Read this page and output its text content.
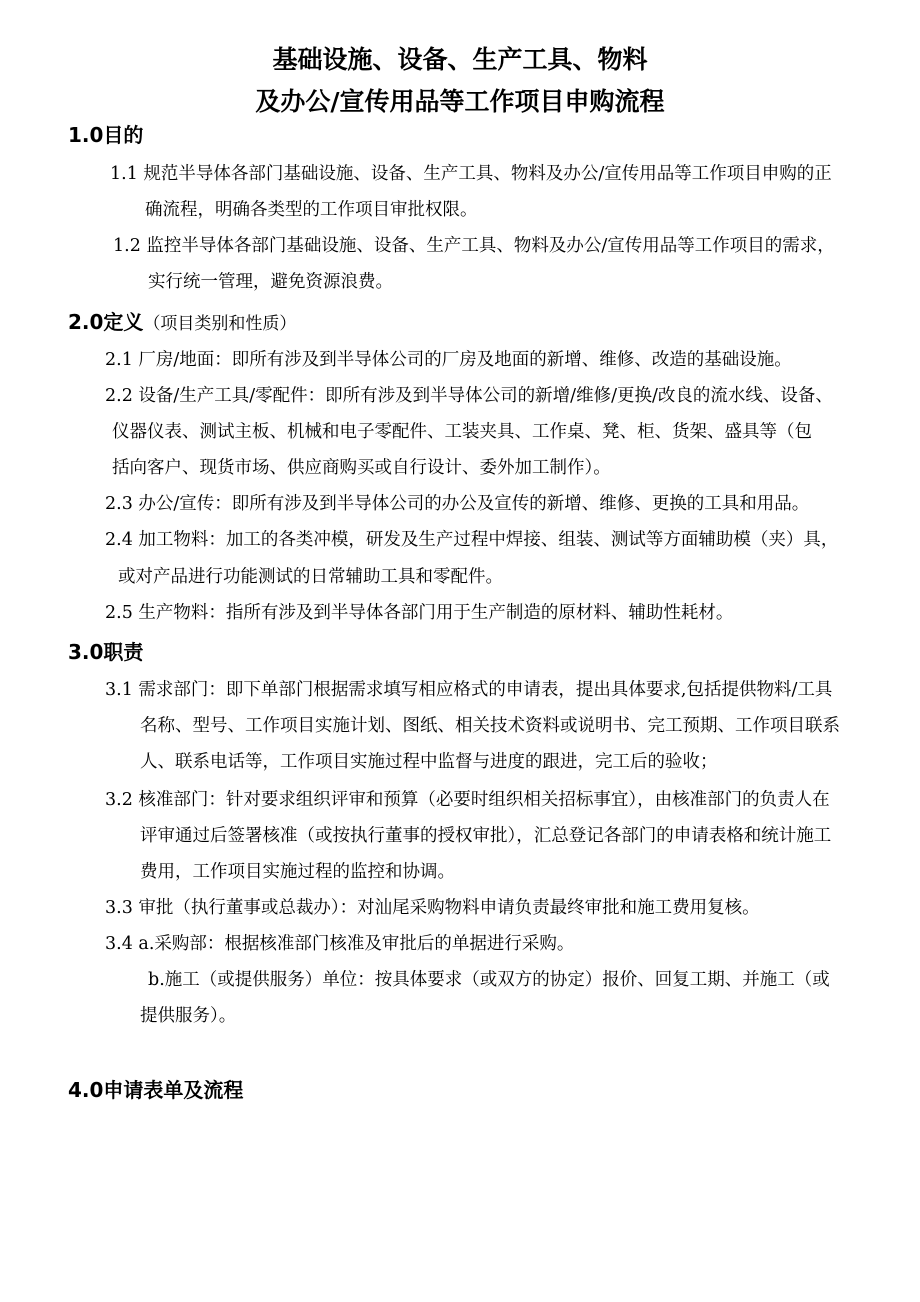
基础设施、设备、生产工具、物料
及办公/宣传用品等工作项目申购流程
1.0目的
1.1 规范半导体各部门基础设施、设备、生产工具、物料及办公/宣传用品等工作项目申购的正
确流程，明确各类型的工作项目审批权限。
1.2 监控半导体各部门基础设施、设备、生产工具、物料及办公/宣传用品等工作项目的需求，
实行统一管理，避免资源浪费。
2.0定义（项目类别和性质）
2.1 厂房/地面：即所有涉及到半导体公司的厂房及地面的新增、维修、改造的基础设施。
2.2 设备/生产工具/零配件：即所有涉及到半导体公司的新增/维修/更换/改良的流水线、设备、
仪器仪表、测试主板、机械和电子零配件、工装夹具、工作桌、凳、柜、货架、盛具等（包
括向客户、现货市场、供应商购买或自行设计、委外加工制作）。
2.3 办公/宣传：即所有涉及到半导体公司的办公及宣传的新增、维修、更换的工具和用品。
2.4 加工物料：加工的各类冲模，研发及生产过程中焊接、组装、测试等方面辅助模（夹）具，
或对产品进行功能测试的日常辅助工具和零配件。
2.5 生产物料：指所有涉及到半导体各部门用于生产制造的原材料、辅助性耗材。
3.0职责
3.1 需求部门：即下单部门根据需求填写相应格式的申请表，提出具体要求,包括提供物料/工具
名称、型号、工作项目实施计划、图纸、相关技术资料或说明书、完工预期、工作项目联系
人、联系电话等，工作项目实施过程中监督与进度的跟进，完工后的验收；
3.2 核准部门：针对要求组织评审和预算（必要时组织相关招标事宜），由核准部门的负责人在
评审通过后签署核准（或按执行董事的授权审批），汇总登记各部门的申请表格和统计施工
费用，工作项目实施过程的监控和协调。
3.3 审批（执行董事或总裁办）：对汕尾采购物料申请负责最终审批和施工费用复核。
3.4 a.采购部：根据核准部门核准及审批后的单据进行采购。
b.施工（或提供服务）单位：按具体要求（或双方的协定）报价、回复工期、并施工（或
提供服务）。
4.0申请表单及流程
